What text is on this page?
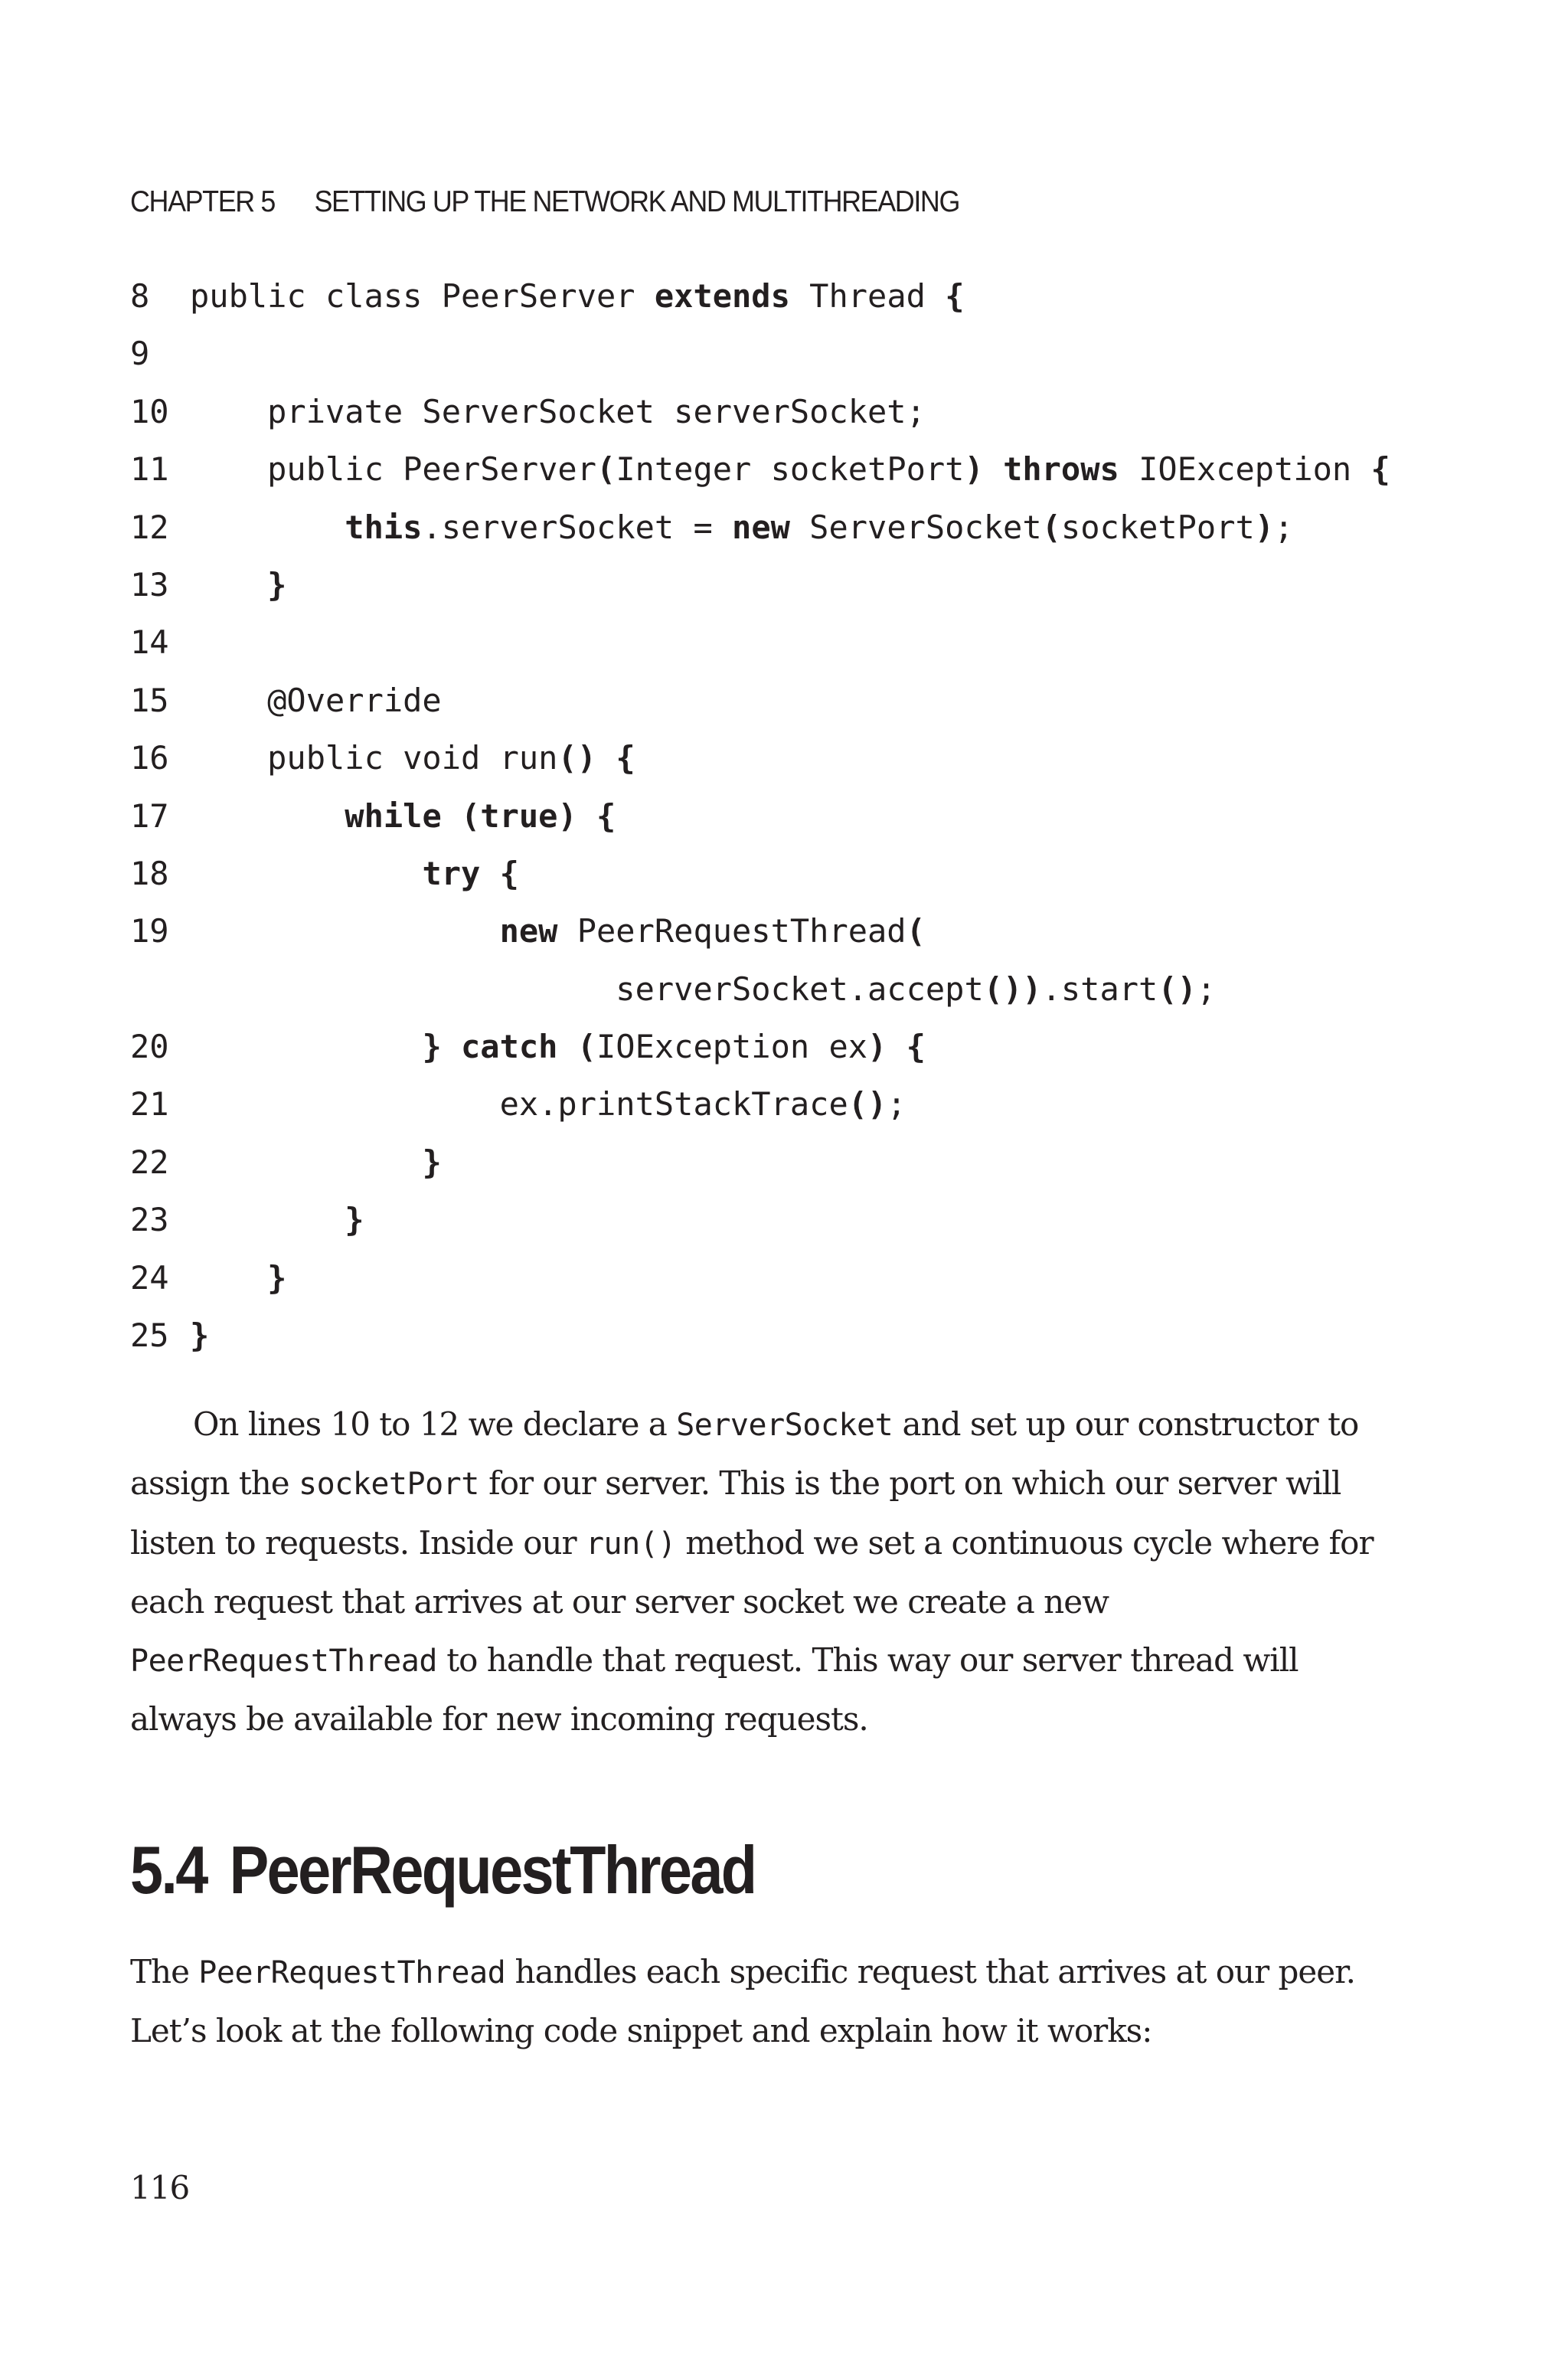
CHAPTER 5 SETTING UP THE NETWORK AND MULTITHREADING
8 public class PeerServer extends Thread {
9
10    private ServerSocket serverSocket;
11    public PeerServer(Integer socketPort) throws IOException {
12	this.serverSocket = new ServerSocket(socketPort);
13	}
14
15    @Override
16    public void run() {
17	while (true) {
18	try {
19	new PeerRequestThread(
serverSocket.accept()).start();
20	} catch (IOException ex) {
21                ex.printStackTrace();
22	}
23	}
24	}
25 }

On lines 10 to 12 we declare a ServerSocket and set up our constructor to assign the socketPort for our server. This is the port on which our server will listen to requests. Inside our run() method we set a continuous cycle where for each request that arrives at our server socket we create a new PeerRequestThread to handle that request. This way our server thread will always be available for new incoming requests.

5.4 PeerRequestThread

The PeerRequestThread handles each specific request that arrives at our peer. Let’s look at the following code snippet and explain how it works:

116
